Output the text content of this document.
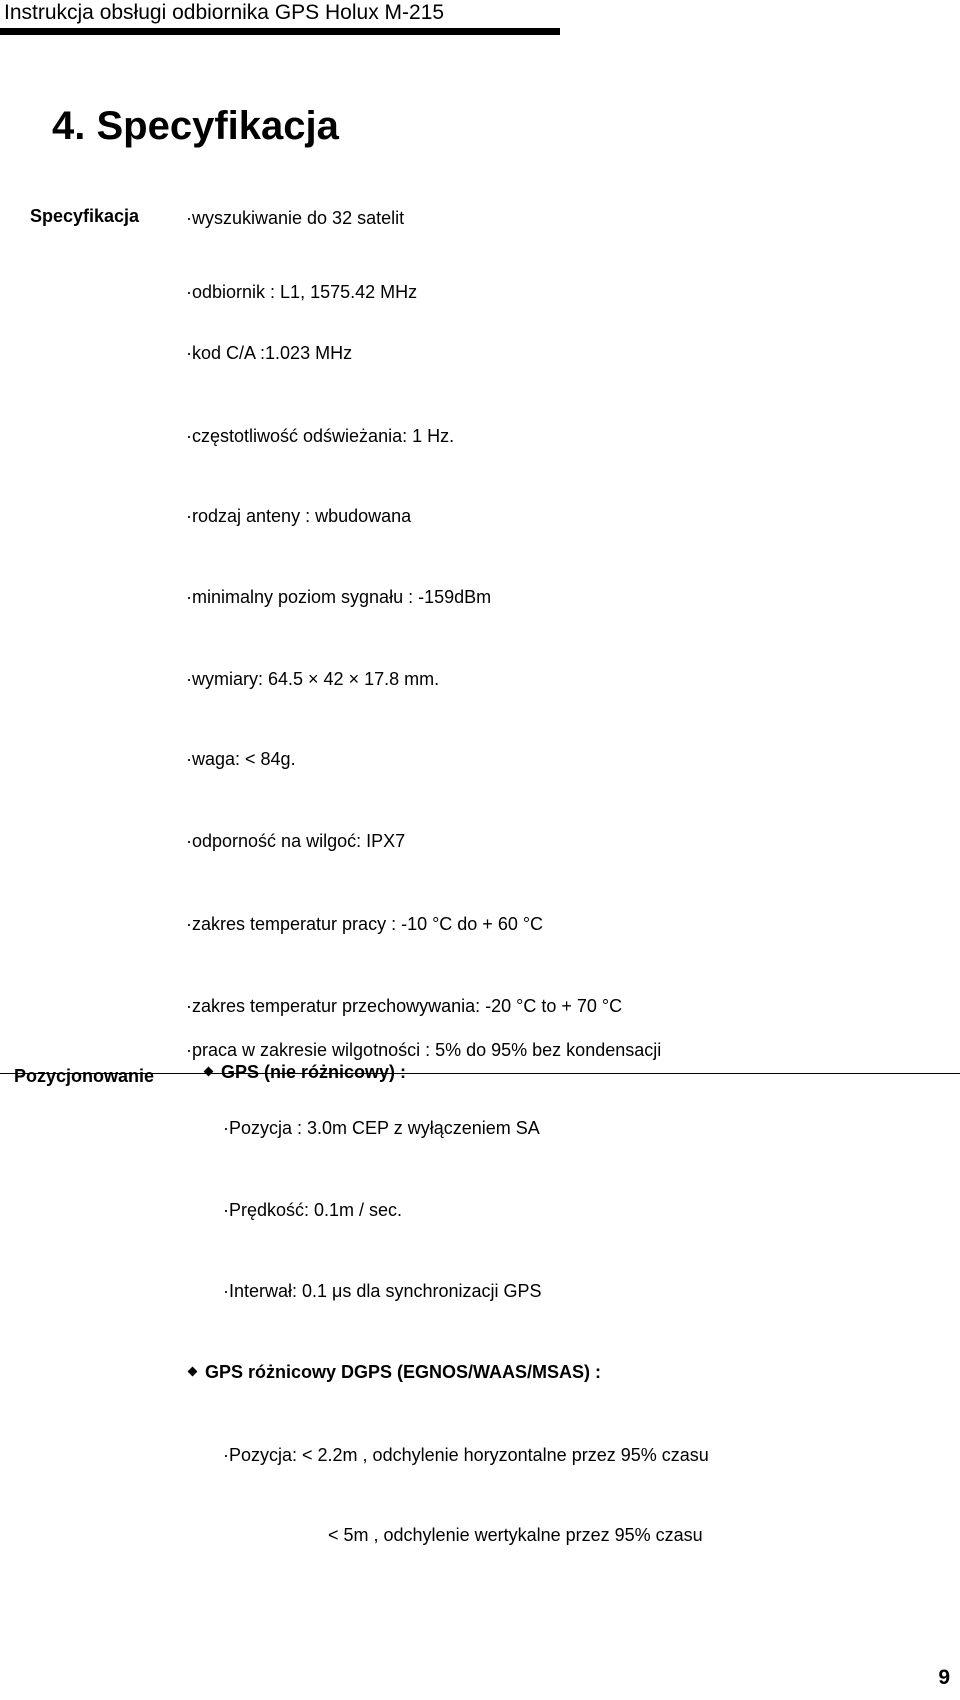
Instrukcja obsługi odbiornika GPS Holux M-215
4. Specyfikacja
Specyfikacja	·wyszukiwanie do 32 satelit
·odbiornik : L1, 1575.42 MHz
·kod C/A :1.023 MHz
·częstotliwość odświeżania: 1 Hz.
·rodzaj anteny : wbudowana
·minimalny poziom sygnału : -159dBm
·wymiary: 64.5 × 42 × 17.8 mm.
·waga: < 84g.
·odporność na wilgoć: IPX7
·zakres temperatur pracy : -10 °C do + 60 °C
·zakres temperatur przechowywania: -20 °C to + 70 °C
·praca w zakresie wilgotności : 5% do 95% bez kondensacji
Pozycjonowanie	GPS (nie różnicowy) :
·Pozycja : 3.0m CEP z wyłączeniem SA
·Prędkość: 0.1m / sec.
·Interwał: 0.1 μs dla synchronizacji GPS
GPS różnicowy DGPS (EGNOS/WAAS/MSAS) :
·Pozycja: < 2.2m , odchylenie horyzontalne przez 95% czasu
< 5m , odchylenie wertykalne przez 95% czasu
9
